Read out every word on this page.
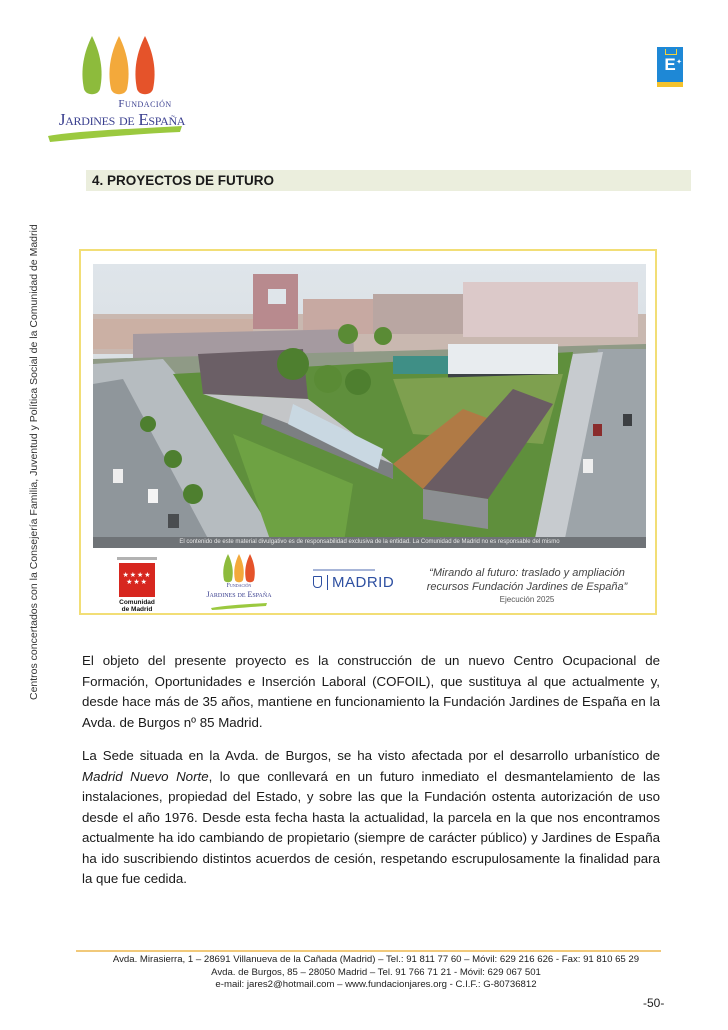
Fundación
Jardines de España
E ✦
4. PROYECTOS DE FUTURO
Centros concertados con la Consejería Familia, Juventud y Política Social de la Comunidad de Madrid	El contenido de este material divulgativo es de responsabilidad exclusiva de la entidad. La Comunidad de Madrid no es responsable del mismo
★★★★
★★★
Comunidad
de Madrid
Fundación
Jardines de España
MADRID
“Mirando al futuro: traslado y ampliación
recursos Fundación Jardines de España”
Ejecución 2025

El objeto del presente proyecto es la construcción de un nuevo Centro Ocupacional de Formación, Oportunidades e Inserción Laboral (COFOIL), que sustituya al que actualmente y, desde hace más de 35 años, mantiene en funcionamiento la Fundación Jardines de España en la Avda. de Burgos nº 85 Madrid.

La Sede situada en la Avda. de Burgos, se ha visto afectada por el desarrollo urbanístico de Madrid Nuevo Norte, lo que conllevará en un futuro inmediato el desmantelamiento de las instalaciones, propiedad del Estado, y sobre las que la Fundación ostenta autorización de uso desde el año 1976. Desde esta fecha hasta la actualidad, la parcela en la que nos encontramos actualmente ha ido cambiando de propietario (siempre de carácter público) y Jardines de España ha ido suscribiendo distintos acuerdos de cesión, respetando escrupulosamente la finalidad para la que fue cedida.

Avda. Mirasierra, 1 – 28691 Villanueva de la Cañada (Madrid) – Tel.: 91 811 77 60 – Móvil: 629 216 626 - Fax: 91 810 65 29
Avda. de Burgos, 85 – 28050 Madrid – Tel. 91 766 71 21 - Móvil: 629 067 501
e-mail: jares2@hotmail.com – www.fundacionjares.org - C.I.F.: G-80736812
-50-
